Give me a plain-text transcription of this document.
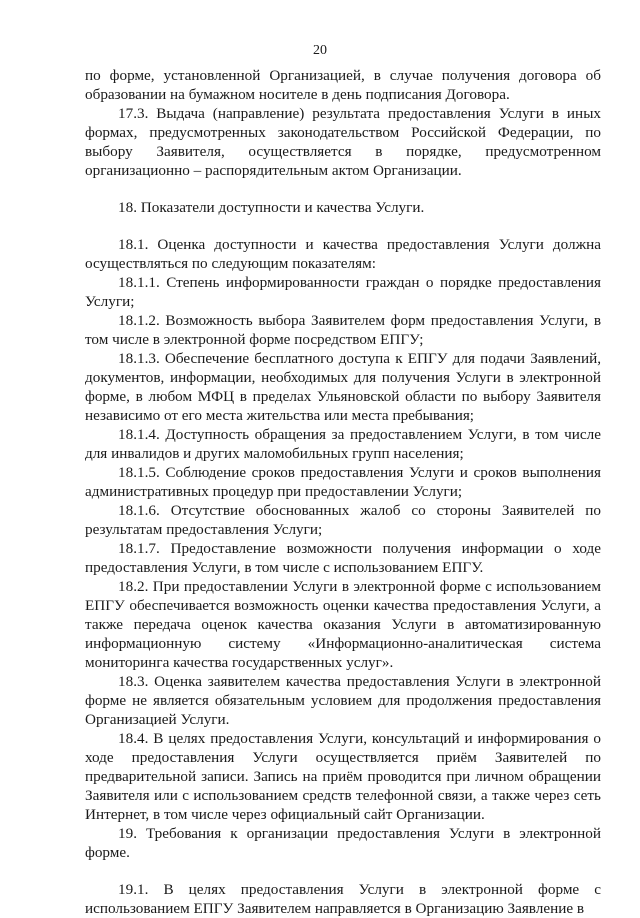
20

по форме, установленной Организацией, в случае получения договора об образовании на бумажном носителе в день подписания Договора.

17.3. Выдача (направление) результата предоставления Услуги в иных формах, предусмотренных законодательством Российской Федерации, по выбору Заявителя, осуществляется в порядке, предусмотренном организационно – распорядительным актом Организации.

18. Показатели доступности и качества Услуги.

18.1. Оценка доступности и качества предоставления Услуги должна осуществляться по следующим показателям:

18.1.1. Степень информированности граждан о порядке предоставления Услуги;

18.1.2. Возможность выбора Заявителем форм предоставления Услуги, в том числе в электронной форме посредством ЕПГУ;

18.1.3. Обеспечение бесплатного доступа к ЕПГУ для подачи Заявлений, документов, информации, необходимых для получения Услуги в электронной форме, в любом МФЦ в пределах Ульяновской области по выбору Заявителя независимо от его места жительства или места пребывания;

18.1.4. Доступность обращения за предоставлением Услуги, в том числе для инвалидов и других маломобильных групп населения;

18.1.5. Соблюдение сроков предоставления Услуги и сроков выполнения административных процедур при предоставлении Услуги;

18.1.6. Отсутствие обоснованных жалоб со стороны Заявителей по результатам предоставления Услуги;

18.1.7. Предоставление возможности получения информации о ходе предоставления Услуги, в том числе с использованием ЕПГУ.

18.2. При предоставлении Услуги в электронной форме с использованием ЕПГУ обеспечивается возможность оценки качества предоставления Услуги, а также передача оценок качества оказания Услуги в автоматизированную информационную систему «Информационно-аналитическая система мониторинга качества государственных услуг».

18.3. Оценка заявителем качества предоставления Услуги в электронной форме не является обязательным условием для продолжения предоставления Организацией Услуги.

18.4. В целях предоставления Услуги, консультаций и информирования о ходе предоставления Услуги осуществляется приём Заявителей по предварительной записи. Запись на приём проводится при личном обращении Заявителя или с использованием средств телефонной связи, а также через сеть Интернет, в том числе через официальный сайт Организации.

19. Требования к организации предоставления Услуги в электронной форме.

19.1. В целях предоставления Услуги в электронной форме с использованием ЕПГУ Заявителем направляется в Организацию Заявление в
